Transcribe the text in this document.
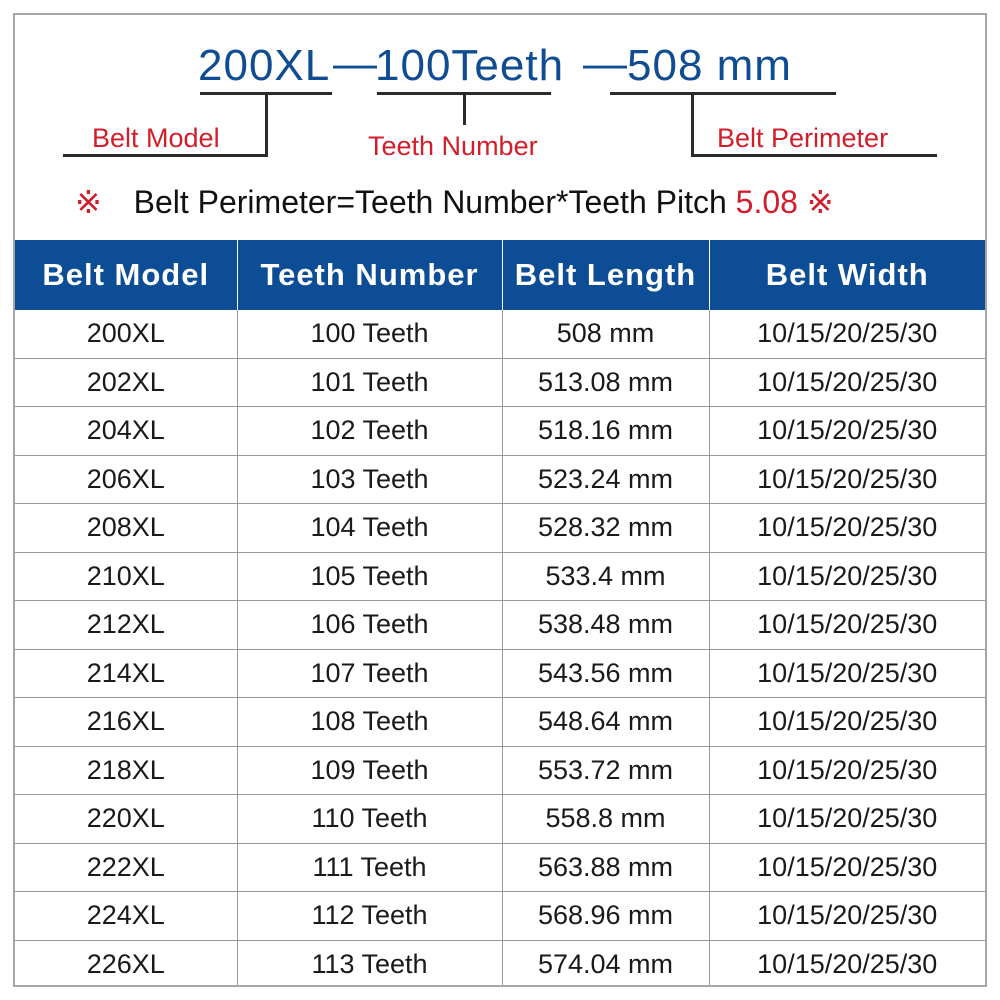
200XL —
100Teeth — 508 mm
Belt Model	Teeth Number	Belt Perimeter
※ Belt Perimeter=Teeth Number*Teeth Pitch 5.08 ※
Belt Model	Teeth Number	Belt Length	Belt Width
200XL	100 Teeth	508 mm	10/15/20/25/30
202XL	101 Teeth	513.08 mm	10/15/20/25/30
204XL	102 Teeth	518.16 mm	10/15/20/25/30
206XL	103 Teeth	523.24 mm	10/15/20/25/30
208XL	104 Teeth	528.32 mm	10/15/20/25/30
210XL	105 Teeth	533.4 mm	10/15/20/25/30
212XL	106 Teeth	538.48 mm	10/15/20/25/30
214XL	107 Teeth	543.56 mm	10/15/20/25/30
216XL	108 Teeth	548.64 mm	10/15/20/25/30
218XL	109 Teeth	553.72 mm	10/15/20/25/30
220XL	110 Teeth	558.8 mm	10/15/20/25/30
222XL	111 Teeth	563.88 mm	10/15/20/25/30
224XL	112 Teeth	568.96 mm	10/15/20/25/30
226XL	113 Teeth	574.04 mm	10/15/20/25/30
